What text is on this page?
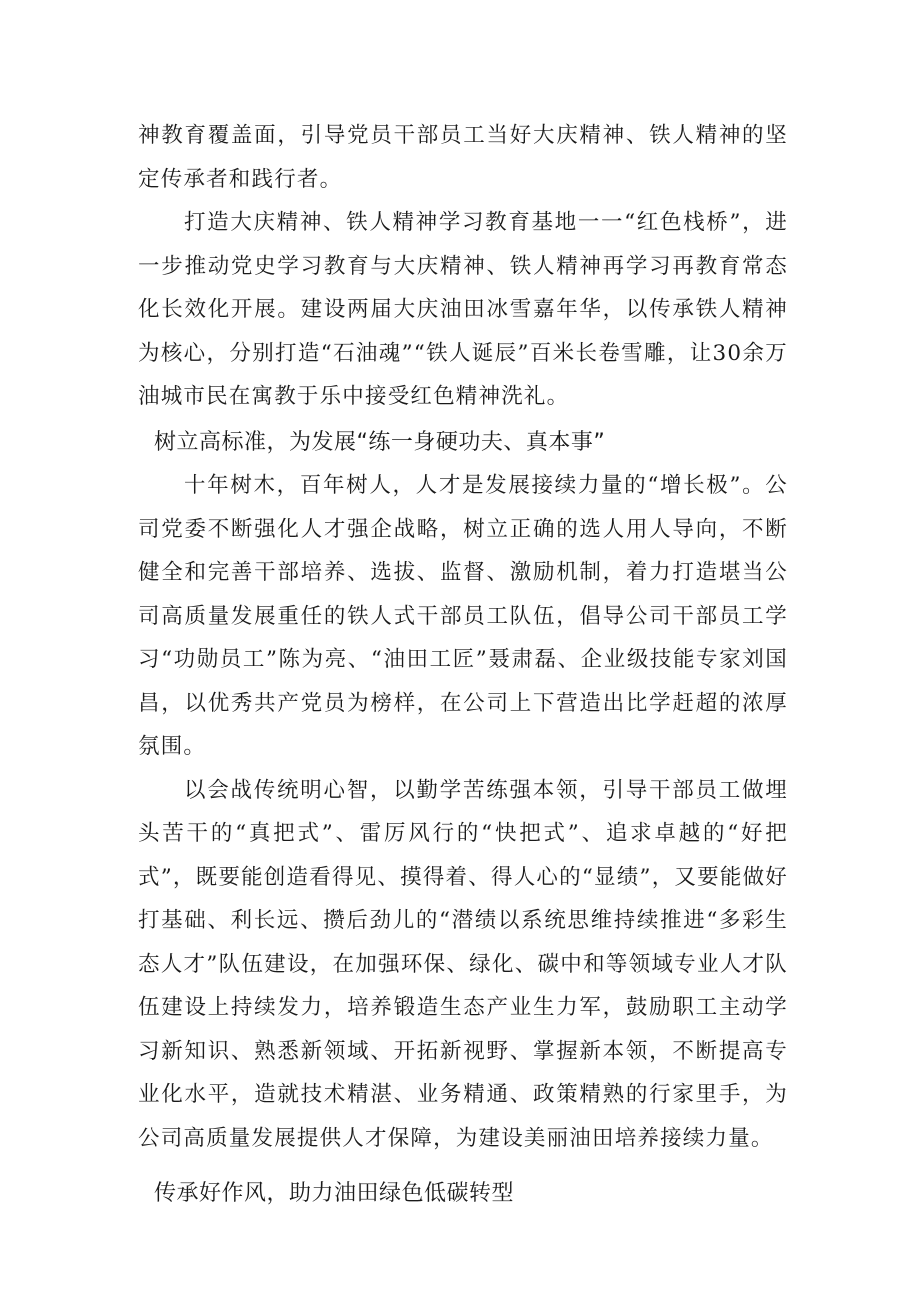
神教育覆盖面，引导党员干部员工当好大庆精神、铁人精神的坚定传承者和践行者。

打造大庆精神、铁人精神学习教育基地一一“红色栈桥”，进一步推动党史学习教育与大庆精神、铁人精神再学习再教育常态化长效化开展。建设两届大庆油田冰雪嘉年华，以传承铁人精神为核心，分别打造“石油魂”“铁人诞辰”百米长卷雪雕，让30余万油城市民在寓教于乐中接受红色精神洗礼。

树立高标准，为发展“练一身硬功夫、真本事”

十年树木，百年树人，人才是发展接续力量的“增长极”。公司党委不断强化人才强企战略，树立正确的选人用人导向，不断健全和完善干部培养、选拔、监督、激励机制，着力打造堪当公司高质量发展重任的铁人式干部员工队伍，倡导公司干部员工学习“功勋员工”陈为亮、“油田工匠”聂肃磊、企业级技能专家刘国昌，以优秀共产党员为榜样，在公司上下营造出比学赶超的浓厚氛围。

以会战传统明心智，以勤学苦练强本领，引导干部员工做埋头苦干的“真把式”、雷厉风行的“快把式”、追求卓越的“好把式”，既要能创造看得见、摸得着、得人心的“显绩”，又要能做好打基础、利长远、攒后劲儿的“潜绩以系统思维持续推进“多彩生态人才”队伍建设，在加强环保、绿化、碳中和等领域专业人才队伍建设上持续发力，培养锻造生态产业生力军，鼓励职工主动学习新知识、熟悉新领域、开拓新视野、掌握新本领，不断提高专业化水平，造就技术精湛、业务精通、政策精熟的行家里手，为公司高质量发展提供人才保障，为建设美丽油田培养接续力量。

传承好作风，助力油田绿色低碳转型
